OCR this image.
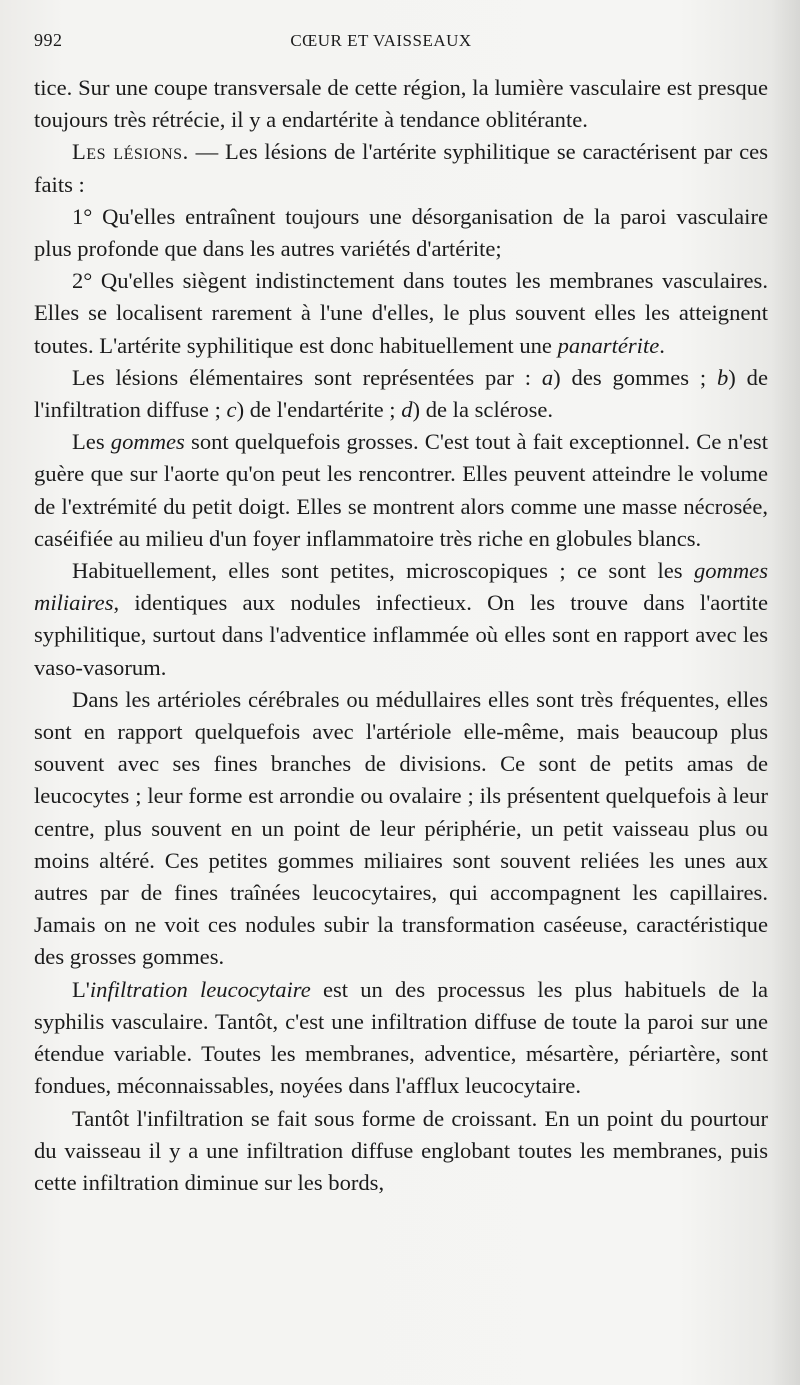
992	CŒUR ET VAISSEAUX

tice. Sur une coupe transversale de cette région, la lumière vasculaire est presque toujours très rétrécie, il y a endartérite à tendance oblitérante.

Les lésions. — Les lésions de l'artérite syphilitique se caractérisent par ces faits :

1° Qu'elles entraînent toujours une désorganisation de la paroi vasculaire plus profonde que dans les autres variétés d'artérite;

2° Qu'elles siègent indistinctement dans toutes les membranes vasculaires. Elles se localisent rarement à l'une d'elles, le plus souvent elles les atteignent toutes. L'artérite syphilitique est donc habituellement une panartérite.

Les lésions élémentaires sont représentées par : a) des gommes ; b) de l'infiltration diffuse ; c) de l'endartérite ; d) de la sclérose.

Les gommes sont quelquefois grosses. C'est tout à fait exceptionnel. Ce n'est guère que sur l'aorte qu'on peut les rencontrer. Elles peuvent atteindre le volume de l'extrémité du petit doigt. Elles se montrent alors comme une masse nécrosée, caséifiée au milieu d'un foyer inflammatoire très riche en globules blancs.

Habituellement, elles sont petites, microscopiques ; ce sont les gommes miliaires, identiques aux nodules infectieux. On les trouve dans l'aortite syphilitique, surtout dans l'adventice inflammée où elles sont en rapport avec les vaso-vasorum.

Dans les artérioles cérébrales ou médullaires elles sont très fréquentes, elles sont en rapport quelquefois avec l'artériole elle-même, mais beaucoup plus souvent avec ses fines branches de divisions. Ce sont de petits amas de leucocytes ; leur forme est arrondie ou ovalaire ; ils présentent quelquefois à leur centre, plus souvent en un point de leur périphérie, un petit vaisseau plus ou moins altéré. Ces petites gommes miliaires sont souvent reliées les unes aux autres par de fines traînées leucocytaires, qui accompagnent les capillaires. Jamais on ne voit ces nodules subir la transformation caséeuse, caractéristique des grosses gommes.

L'infiltration leucocytaire est un des processus les plus habituels de la syphilis vasculaire. Tantôt, c'est une infiltration diffuse de toute la paroi sur une étendue variable. Toutes les membranes, adventice, mésartère, périartère, sont fondues, méconnaissables, noyées dans l'afflux leucocytaire.

Tantôt l'infiltration se fait sous forme de croissant. En un point du pourtour du vaisseau il y a une infiltration diffuse englobant toutes les membranes, puis cette infiltration diminue sur les bords,
